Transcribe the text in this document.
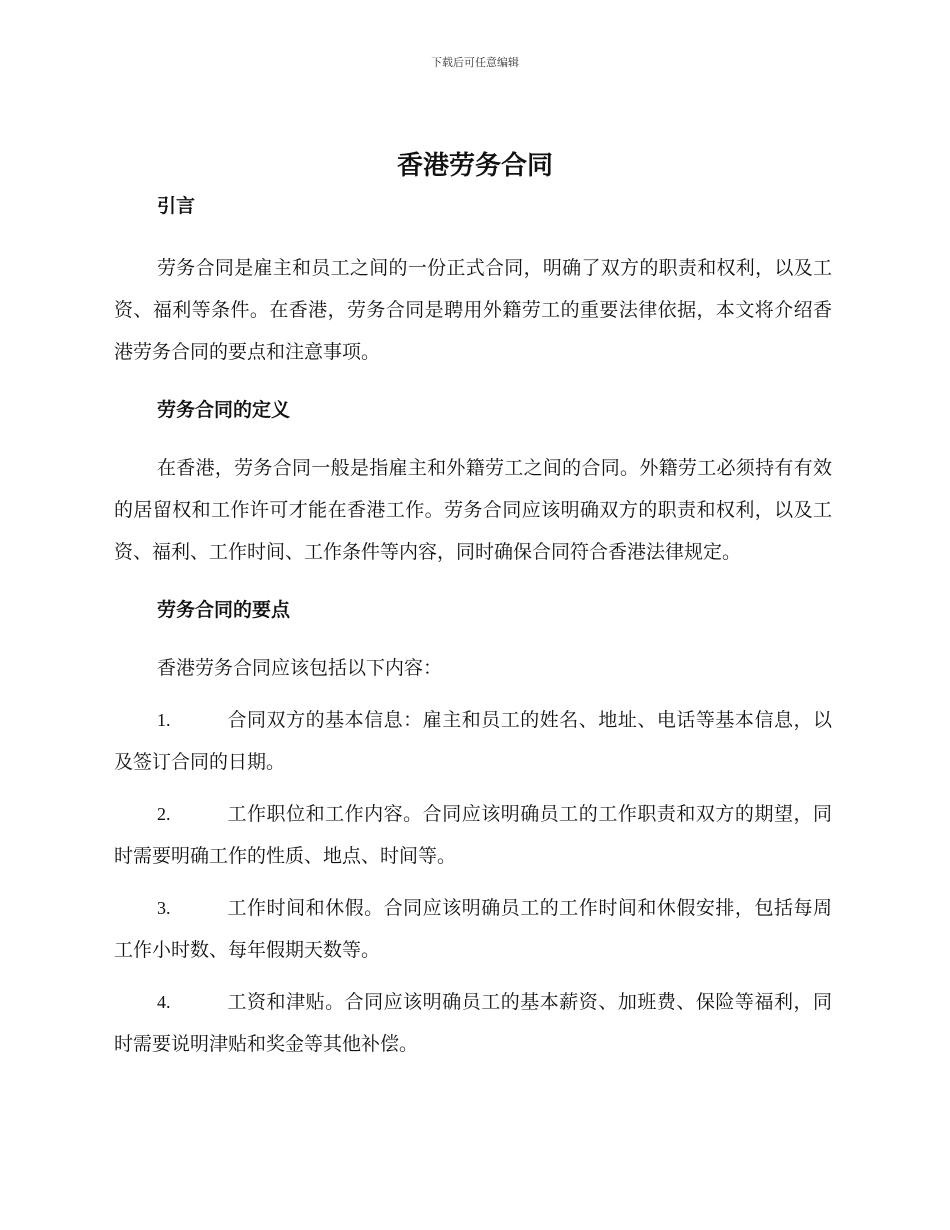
下载后可任意编辑
香港劳务合同
引言

劳务合同是雇主和员工之间的一份正式合同，明确了双方的职责和权利，以及工资、福利等条件。在香港，劳务合同是聘用外籍劳工的重要法律依据，本文将介绍香港劳务合同的要点和注意事项。

劳务合同的定义

在香港，劳务合同一般是指雇主和外籍劳工之间的合同。外籍劳工必须持有有效的居留权和工作许可才能在香港工作。劳务合同应该明确双方的职责和权利，以及工资、福利、工作时间、工作条件等内容，同时确保合同符合香港法律规定。

劳务合同的要点

香港劳务合同应该包括以下内容：

1.	合同双方的基本信息：雇主和员工的姓名、地址、电话等基本信息，以及签订合同的日期。

2.	工作职位和工作内容。合同应该明确员工的工作职责和双方的期望，同时需要明确工作的性质、地点、时间等。

3.	工作时间和休假。合同应该明确员工的工作时间和休假安排，包括每周工作小时数、每年假期天数等。

4.	工资和津贴。合同应该明确员工的基本薪资、加班费、保险等福利，同时需要说明津贴和奖金等其他补偿。
